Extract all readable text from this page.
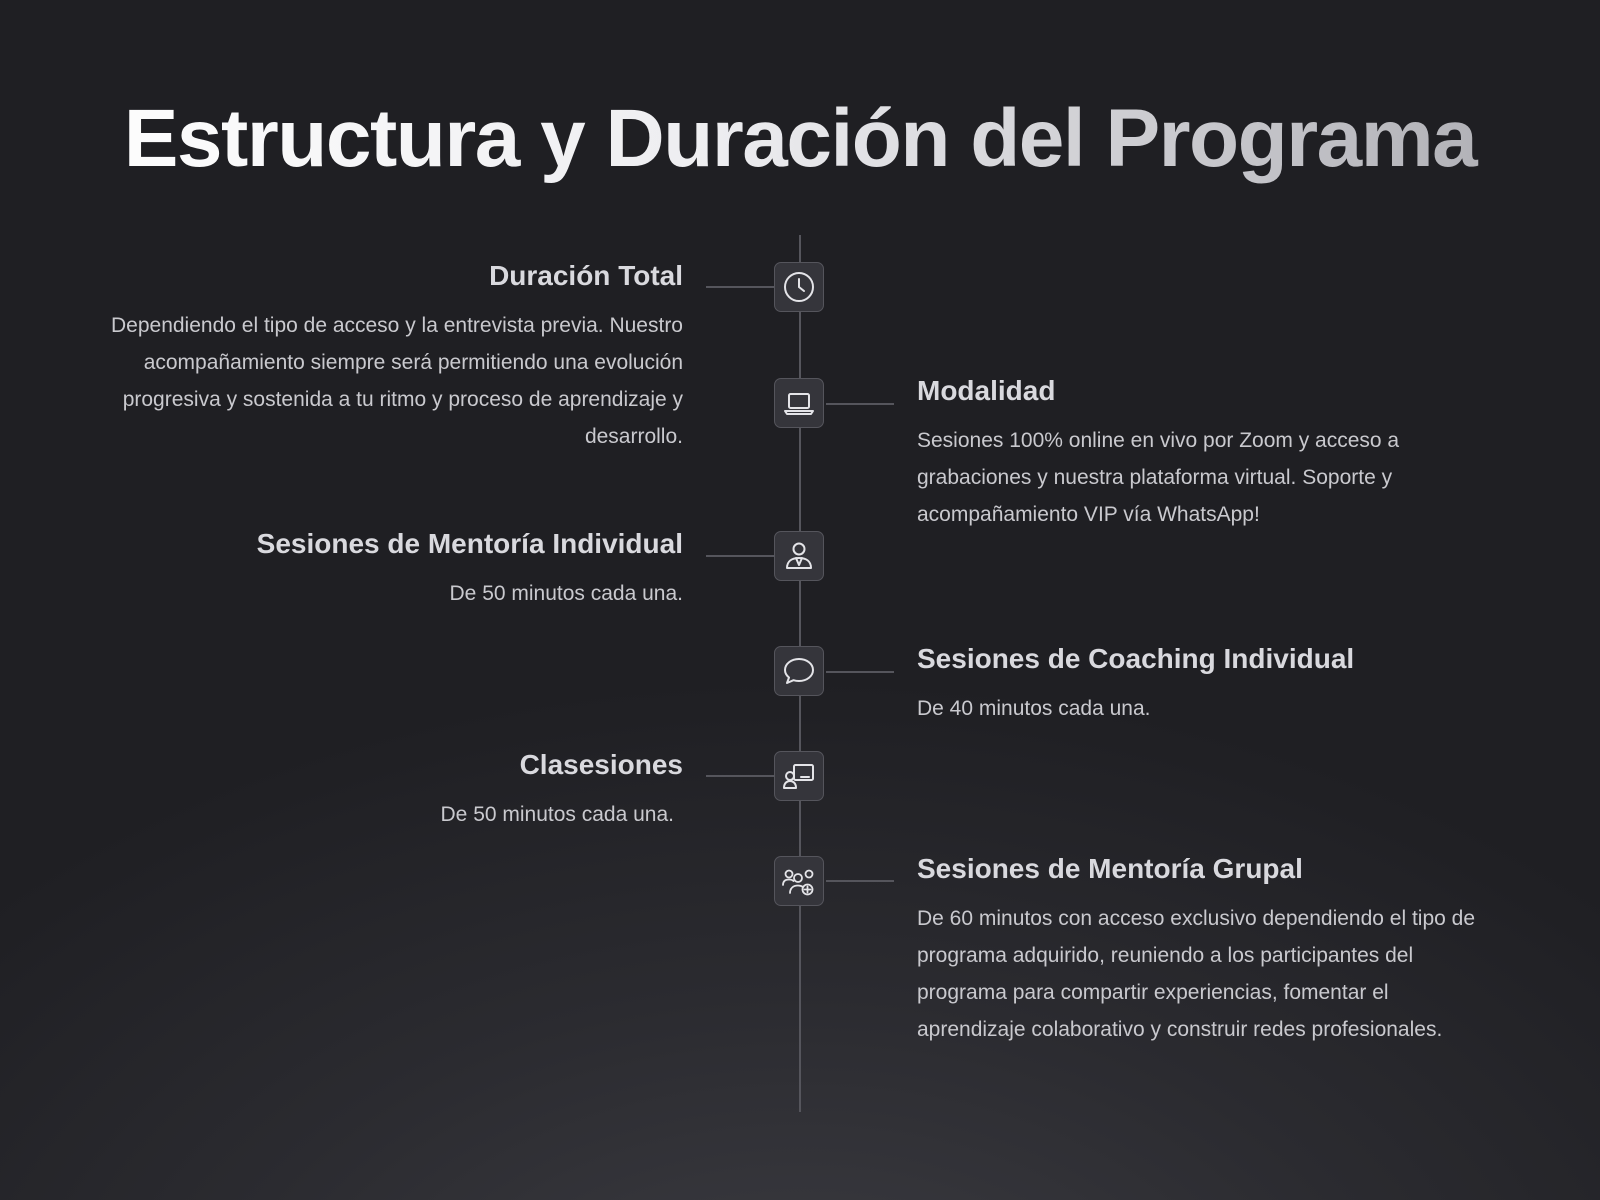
Estructura y Duración del Programa
Duración Total

Dependiendo el tipo de acceso y la entrevista previa. Nuestro acompañamiento siempre será permitiendo una evolución progresiva y sostenida a tu ritmo y proceso de aprendizaje y desarrollo.

Modalidad

Sesiones 100% online en vivo por Zoom y acceso a grabaciones y nuestra plataforma virtual. Soporte y acompañamiento VIP vía WhatsApp!

Sesiones de Mentoría Individual

De 50 minutos cada una.

Sesiones de Coaching Individual

De 40 minutos cada una.

Clasesiones

De 50 minutos cada una.

Sesiones de Mentoría Grupal

De 60 minutos con acceso exclusivo dependiendo el tipo de programa adquirido, reuniendo a los participantes del programa para compartir experiencias, fomentar el aprendizaje colaborativo y construir redes profesionales.
